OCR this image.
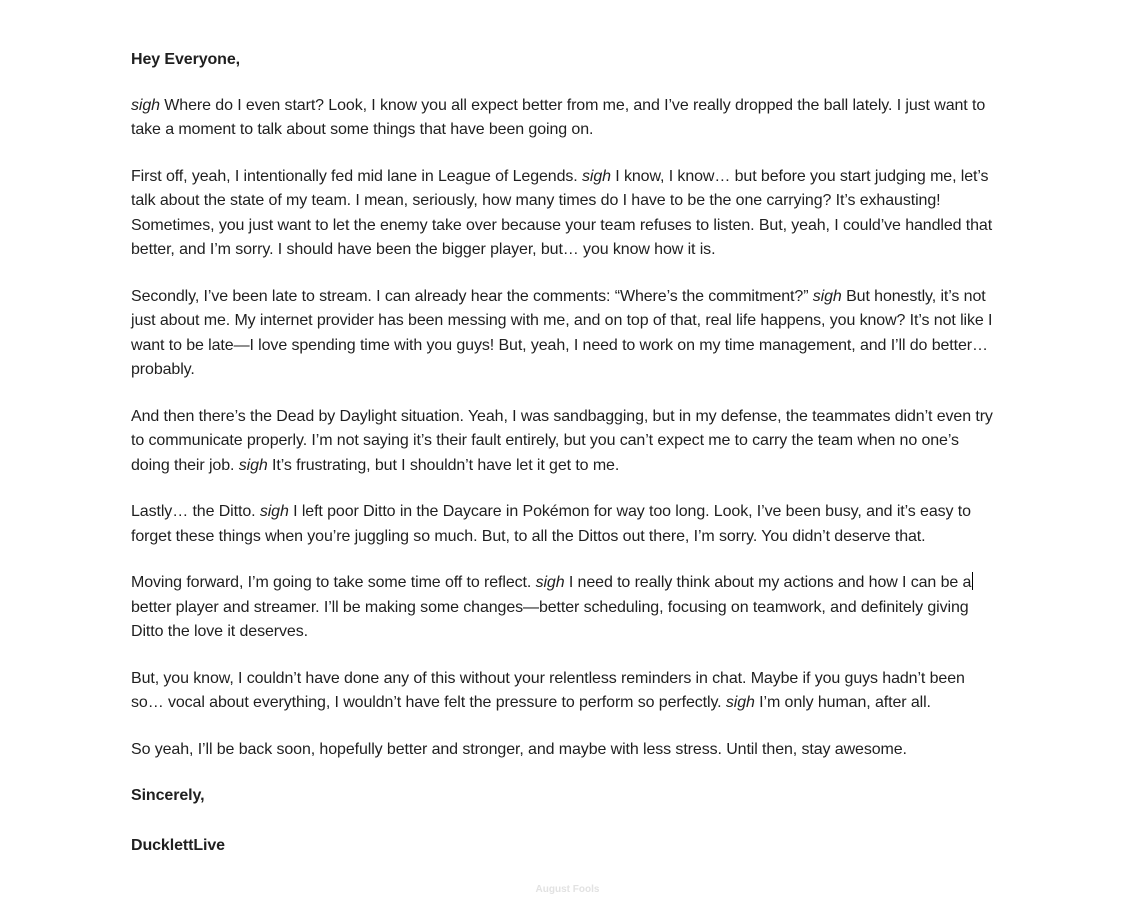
Hey Everyone,

sigh Where do I even start? Look, I know you all expect better from me, and I’ve really dropped the ball lately. I just want to take a moment to talk about some things that have been going on.

First off, yeah, I intentionally fed mid lane in League of Legends. sigh I know, I know… but before you start judging me, let’s talk about the state of my team. I mean, seriously, how many times do I have to be the one carrying? It’s exhausting! Sometimes, you just want to let the enemy take over because your team refuses to listen. But, yeah, I could’ve handled that better, and I’m sorry. I should have been the bigger player, but… you know how it is.

Secondly, I’ve been late to stream. I can already hear the comments: “Where’s the commitment?” sigh But honestly, it’s not just about me. My internet provider has been messing with me, and on top of that, real life happens, you know? It’s not like I want to be late—I love spending time with you guys! But, yeah, I need to work on my time management, and I’ll do better… probably.

And then there’s the Dead by Daylight situation. Yeah, I was sandbagging, but in my defense, the teammates didn’t even try to communicate properly. I’m not saying it’s their fault entirely, but you can’t expect me to carry the team when no one’s doing their job. sigh It’s frustrating, but I shouldn’t have let it get to me.

Lastly… the Ditto. sigh I left poor Ditto in the Daycare in Pokémon for way too long. Look, I’ve been busy, and it’s easy to forget these things when you’re juggling so much. But, to all the Dittos out there, I’m sorry. You didn’t deserve that.

Moving forward, I’m going to take some time off to reflect. sigh I need to really think about my actions and how I can be a better player and streamer. I’ll be making some changes—better scheduling, focusing on teamwork, and definitely giving Ditto the love it deserves.

But, you know, I couldn’t have done any of this without your relentless reminders in chat. Maybe if you guys hadn’t been so… vocal about everything, I wouldn’t have felt the pressure to perform so perfectly. sigh I’m only human, after all.

So yeah, I’ll be back soon, hopefully better and stronger, and maybe with less stress. Until then, stay awesome.

Sincerely,

DucklettLive

August Fools
